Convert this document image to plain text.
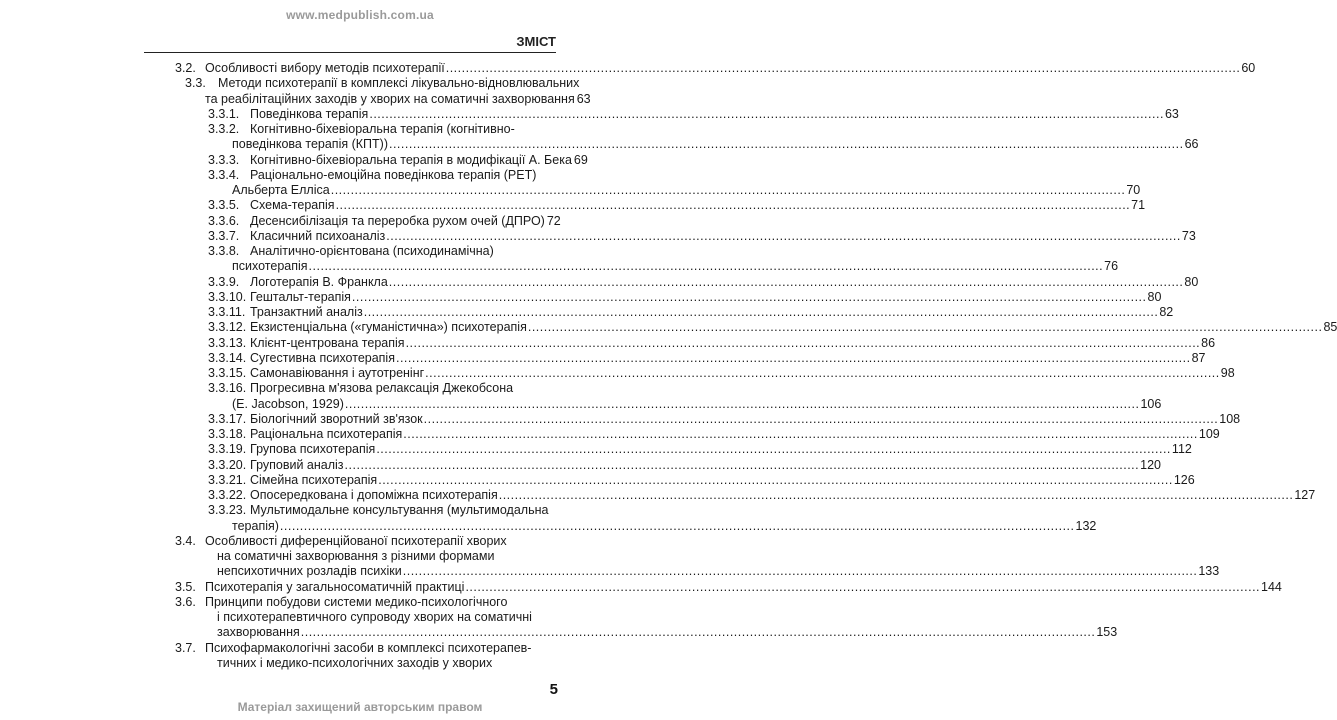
www.medpublish.com.ua
ЗМІСТ
3.2. Особливості вибору методів психотерапії ........................................................................................................................................................................................................ 60
3.3. Методи психотерапії в комплексі лікувально-відновлювальних
та реабілітаційних заходів у хворих на соматичні захворювання 63
3.3.1. Поведінкова терапія ........................................................................................................................................................................................................ 63
3.3.2. Когнітивно-біхевіоральна терапія (когнітивно-
поведінкова терапія (КПТ)) ........................................................................................................................................................................................................ 66
3.3.3. Когнітивно-біхевіоральна терапія в модифікації А. Бека 69
3.3.4. Раціонально-емоційна поведінкова терапія (РЕТ)
Альберта Елліса ........................................................................................................................................................................................................ 70
3.3.5. Схема-терапія ........................................................................................................................................................................................................ 71
3.3.6. Десенсибілізація та переробка рухом очей (ДПРО) 72
3.3.7. Класичний психоаналіз ........................................................................................................................................................................................................ 73
3.3.8. Аналітично-орієнтована (психодинамічна)
психотерапія ........................................................................................................................................................................................................ 76
3.3.9. Логотерапія В. Франкла ........................................................................................................................................................................................................ 80
3.3.10. Гештальт-терапія ........................................................................................................................................................................................................ 80
3.3.11. Транзактний аналіз ........................................................................................................................................................................................................ 82
3.3.12. Екзистенціальна («гуманістична») психотерапія ........................................................................................................................................................................................................ 85
3.3.13. Клієнт-центрована терапія ........................................................................................................................................................................................................ 86
3.3.14. Сугестивна психотерапія ........................................................................................................................................................................................................ 87
3.3.15. Самонавіювання і аутотренінг ........................................................................................................................................................................................................ 98
3.3.16. Прогресивна м'язова релаксація Джекобсона
(E. Jacobson, 1929) ........................................................................................................................................................................................................ 106
3.3.17. Біологічний зворотний зв'язок ........................................................................................................................................................................................................ 108
3.3.18. Раціональна психотерапія ........................................................................................................................................................................................................ 109
3.3.19. Групова психотерапія ........................................................................................................................................................................................................ 112
3.3.20. Груповий аналіз ........................................................................................................................................................................................................ 120
3.3.21. Сімейна психотерапія ........................................................................................................................................................................................................ 126
3.3.22. Опосередкована і допоміжна психотерапія ........................................................................................................................................................................................................ 127
3.3.23. Мультимодальне консультування (мультимодальна
терапія) ........................................................................................................................................................................................................ 132
3.4. Особливості диференційованої психотерапії хворих
на соматичні захворювання з різними формами
непсихотичних розладів психіки ........................................................................................................................................................................................................ 133
3.5. Психотерапія у загальносоматичній практиці ........................................................................................................................................................................................................ 144
3.6. Принципи побудови системи медико-психологічного
і психотерапевтичного супроводу хворих на соматичні
захворювання ........................................................................................................................................................................................................ 153
3.7. Психофармакологічні засоби в комплексі психотерапев-
тичних і медико-психологічних заходів у хворих
5
Матеріал захищений авторським правом
